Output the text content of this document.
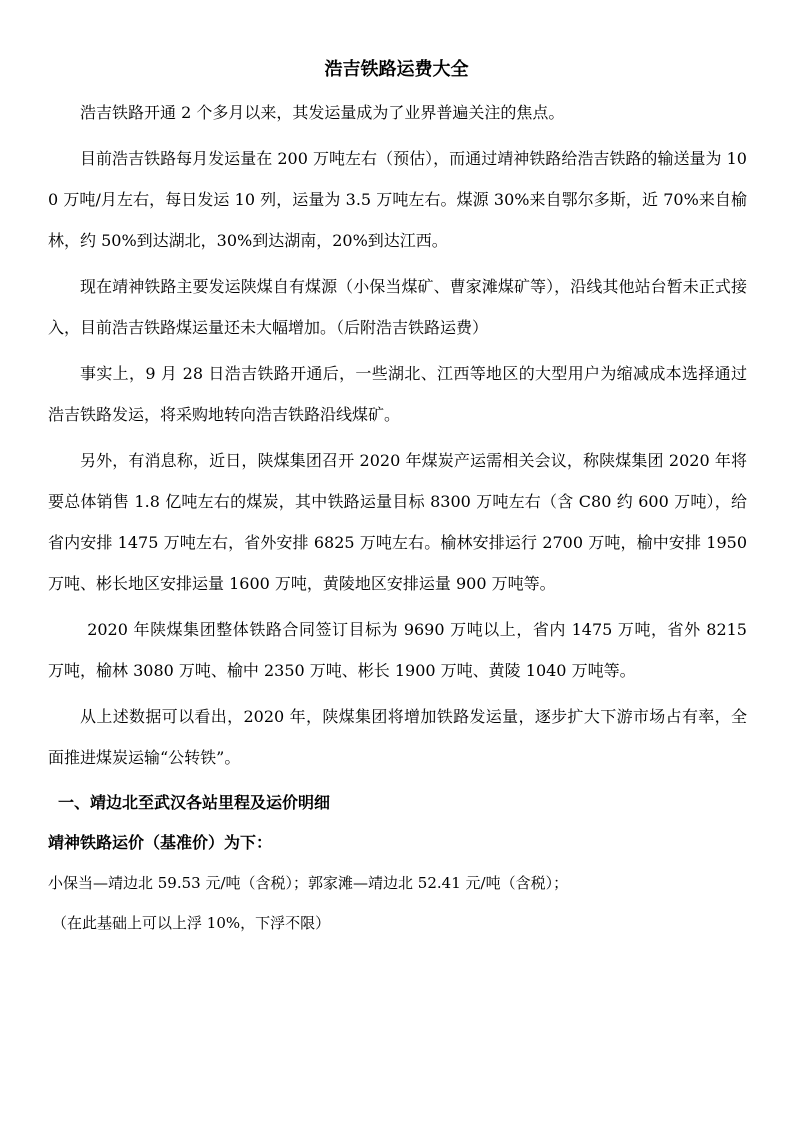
浩吉铁路运费大全

浩吉铁路开通 2 个多月以来，其发运量成为了业界普遍关注的焦点。

目前浩吉铁路每月发运量在 200 万吨左右（预估），而通过靖神铁路给浩吉铁路的输送量为 100 万吨/月左右，每日发运 10 列，运量为 3.5 万吨左右。煤源 30%来自鄂尔多斯，近 70%来自榆林，约 50%到达湖北，30%到达湖南，20%到达江西。

现在靖神铁路主要发运陕煤自有煤源（小保当煤矿、曹家滩煤矿等），沿线其他站台暂未正式接入，目前浩吉铁路煤运量还未大幅增加。（后附浩吉铁路运费）

事实上，9 月 28 日浩吉铁路开通后，一些湖北、江西等地区的大型用户为缩减成本选择通过浩吉铁路发运，将采购地转向浩吉铁路沿线煤矿。

另外，有消息称，近日，陕煤集团召开 2020 年煤炭产运需相关会议，称陕煤集团 2020 年将要总体销售 1.8 亿吨左右的煤炭，其中铁路运量目标 8300 万吨左右（含 C80 约 600 万吨），给省内安排 1475 万吨左右，省外安排 6825 万吨左右。榆林安排运行 2700 万吨，榆中安排 1950 万吨、彬长地区安排运量 1600 万吨，黄陵地区安排运量 900 万吨等。

2020 年陕煤集团整体铁路合同签订目标为 9690 万吨以上，省内 1475 万吨，省外 8215 万吨，榆林 3080 万吨、榆中 2350 万吨、彬长 1900 万吨、黄陵 1040 万吨等。

从上述数据可以看出，2020 年，陕煤集团将增加铁路发运量，逐步扩大下游市场占有率，全面推进煤炭运输“公转铁”。

一、靖边北至武汉各站里程及运价明细
靖神铁路运价（基准价）为下：

小保当—靖边北 59.53 元/吨（含税）；郭家滩—靖边北 52.41 元/吨（含税）；

（在此基础上可以上浮 10%，下浮不限）
